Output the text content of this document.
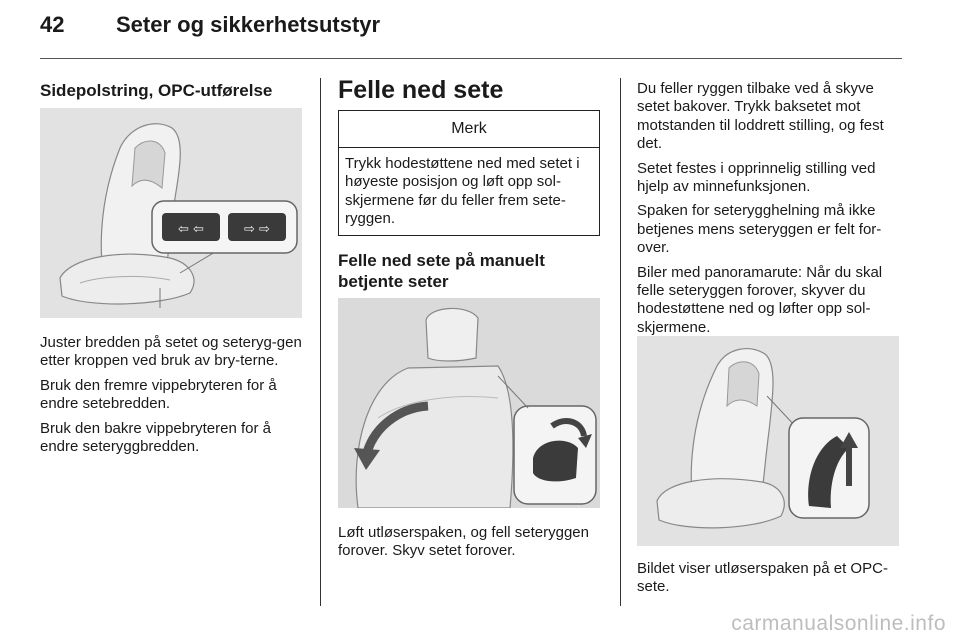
42 Seter og sikkerhetsutstyr
Sidepolstring, OPC-utførelse
⇦ ⇦	⇨ ⇨

Juster bredden på setet og seteryg-gen etter kroppen ved bruk av bry-terne.

Bruk den fremre vippebryteren for å endre setebredden.

Bruk den bakre vippebryteren for å endre seteryggbredden.

Felle ned sete
Merk
Trykk hodestøttene ned med setet i høyeste posisjon og løft opp sol-skjermene før du feller frem sete-ryggen.
Felle ned sete på manuelt betjente seter
Løft utløserspaken, og fell seteryggen forover. Skyv setet forover.

Du feller ryggen tilbake ved å skyve setet bakover. Trykk baksetet mot motstanden til loddrett stilling, og fest det.

Setet festes i opprinnelig stilling ved hjelp av minnefunksjonen.

Spaken for seterygghelning må ikke betjenes mens seteryggen er felt for-over.

Biler med panoramarute: Når du skal felle seteryggen forover, skyver du hodestøttene ned og løfter opp sol-skjermene.

Bildet viser utløserspaken på et OPC-sete.
carmanualsonline.info
